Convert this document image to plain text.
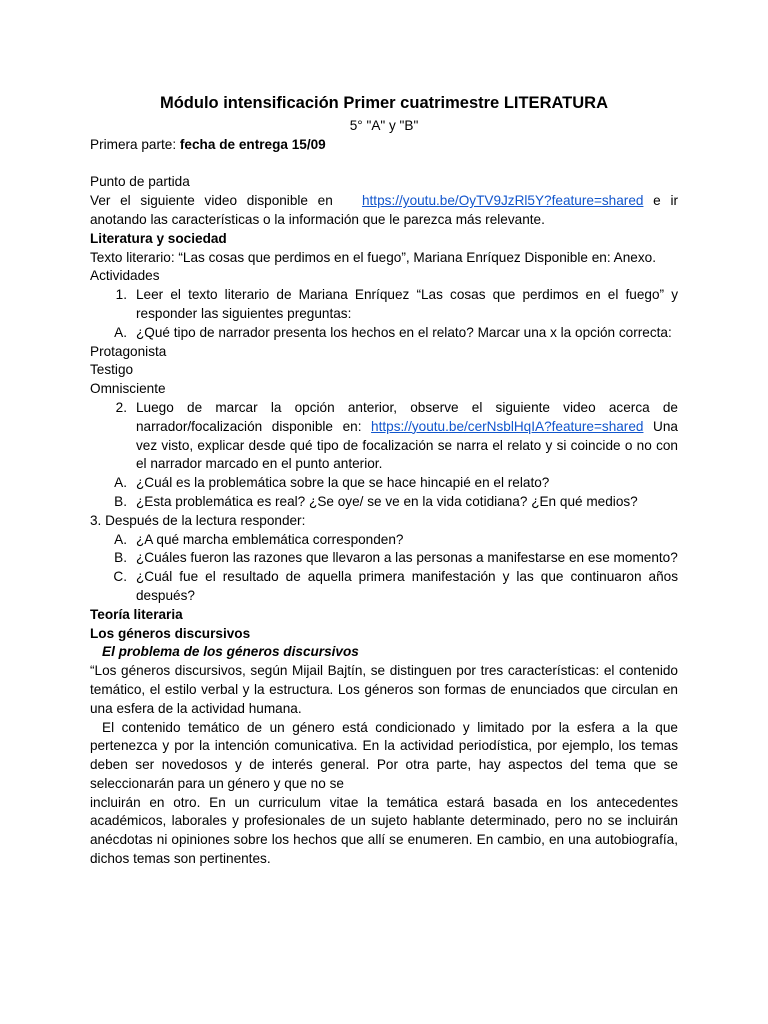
Módulo intensificación Primer cuatrimestre LITERATURA

5° "A" y "B"

Primera parte: fecha de entrega 15/09

Punto de partida

Ver el siguiente video disponible en   https://youtu.be/OyTV9JzRl5Y?feature=shared e ir anotando las características o la información que le parezca más relevante.

Literatura y sociedad

Texto literario: “Las cosas que perdimos en el fuego”, Mariana Enríquez Disponible en: Anexo.

Actividades

1. Leer el texto literario de Mariana Enríquez “Las cosas que perdimos en el fuego” y responder las siguientes preguntas:
A. ¿Qué tipo de narrador presenta los hechos en el relato? Marcar una x la opción correcta:

Protagonista

Testigo

Omnisciente

2. Luego de marcar la opción anterior, observe el siguiente video acerca de narrador/focalización disponible en: https://youtu.be/cerNsblHqIA?feature=shared Una vez visto, explicar desde qué tipo de focalización se narra el relato y si coincide o no con el narrador marcado en el punto anterior.
A. ¿Cuál es la problemática sobre la que se hace hincapié en el relato?
B. ¿Esta problemática es real? ¿Se oye/ se ve en la vida cotidiana? ¿En qué medios?

3. Después de la lectura responder:

A. ¿A qué marcha emblemática corresponden?
B. ¿Cuáles fueron las razones que llevaron a las personas a manifestarse en ese momento?
C. ¿Cuál fue el resultado de aquella primera manifestación y las que continuaron años después?

Teoría literaria

Los géneros discursivos

El problema de los géneros discursivos

“Los géneros discursivos, según Mijail Bajtín, se distinguen por tres características: el contenido temático, el estilo verbal y la estructura. Los géneros son formas de enunciados que circulan en una esfera de la actividad humana.

El contenido temático de un género está condicionado y limitado por la esfera a la que pertenezca y por la intención comunicativa. En la actividad periodística, por ejemplo, los temas deben ser novedosos y de interés general. Por otra parte, hay aspectos del tema que se seleccionarán para un género y que no se

incluirán en otro. En un curriculum vitae la temática estará basada en los antecedentes académicos, laborales y profesionales de un sujeto hablante determinado, pero no se incluirán anécdotas ni opiniones sobre los hechos que allí se enumeren. En cambio, en una autobiografía, dichos temas son pertinentes.
